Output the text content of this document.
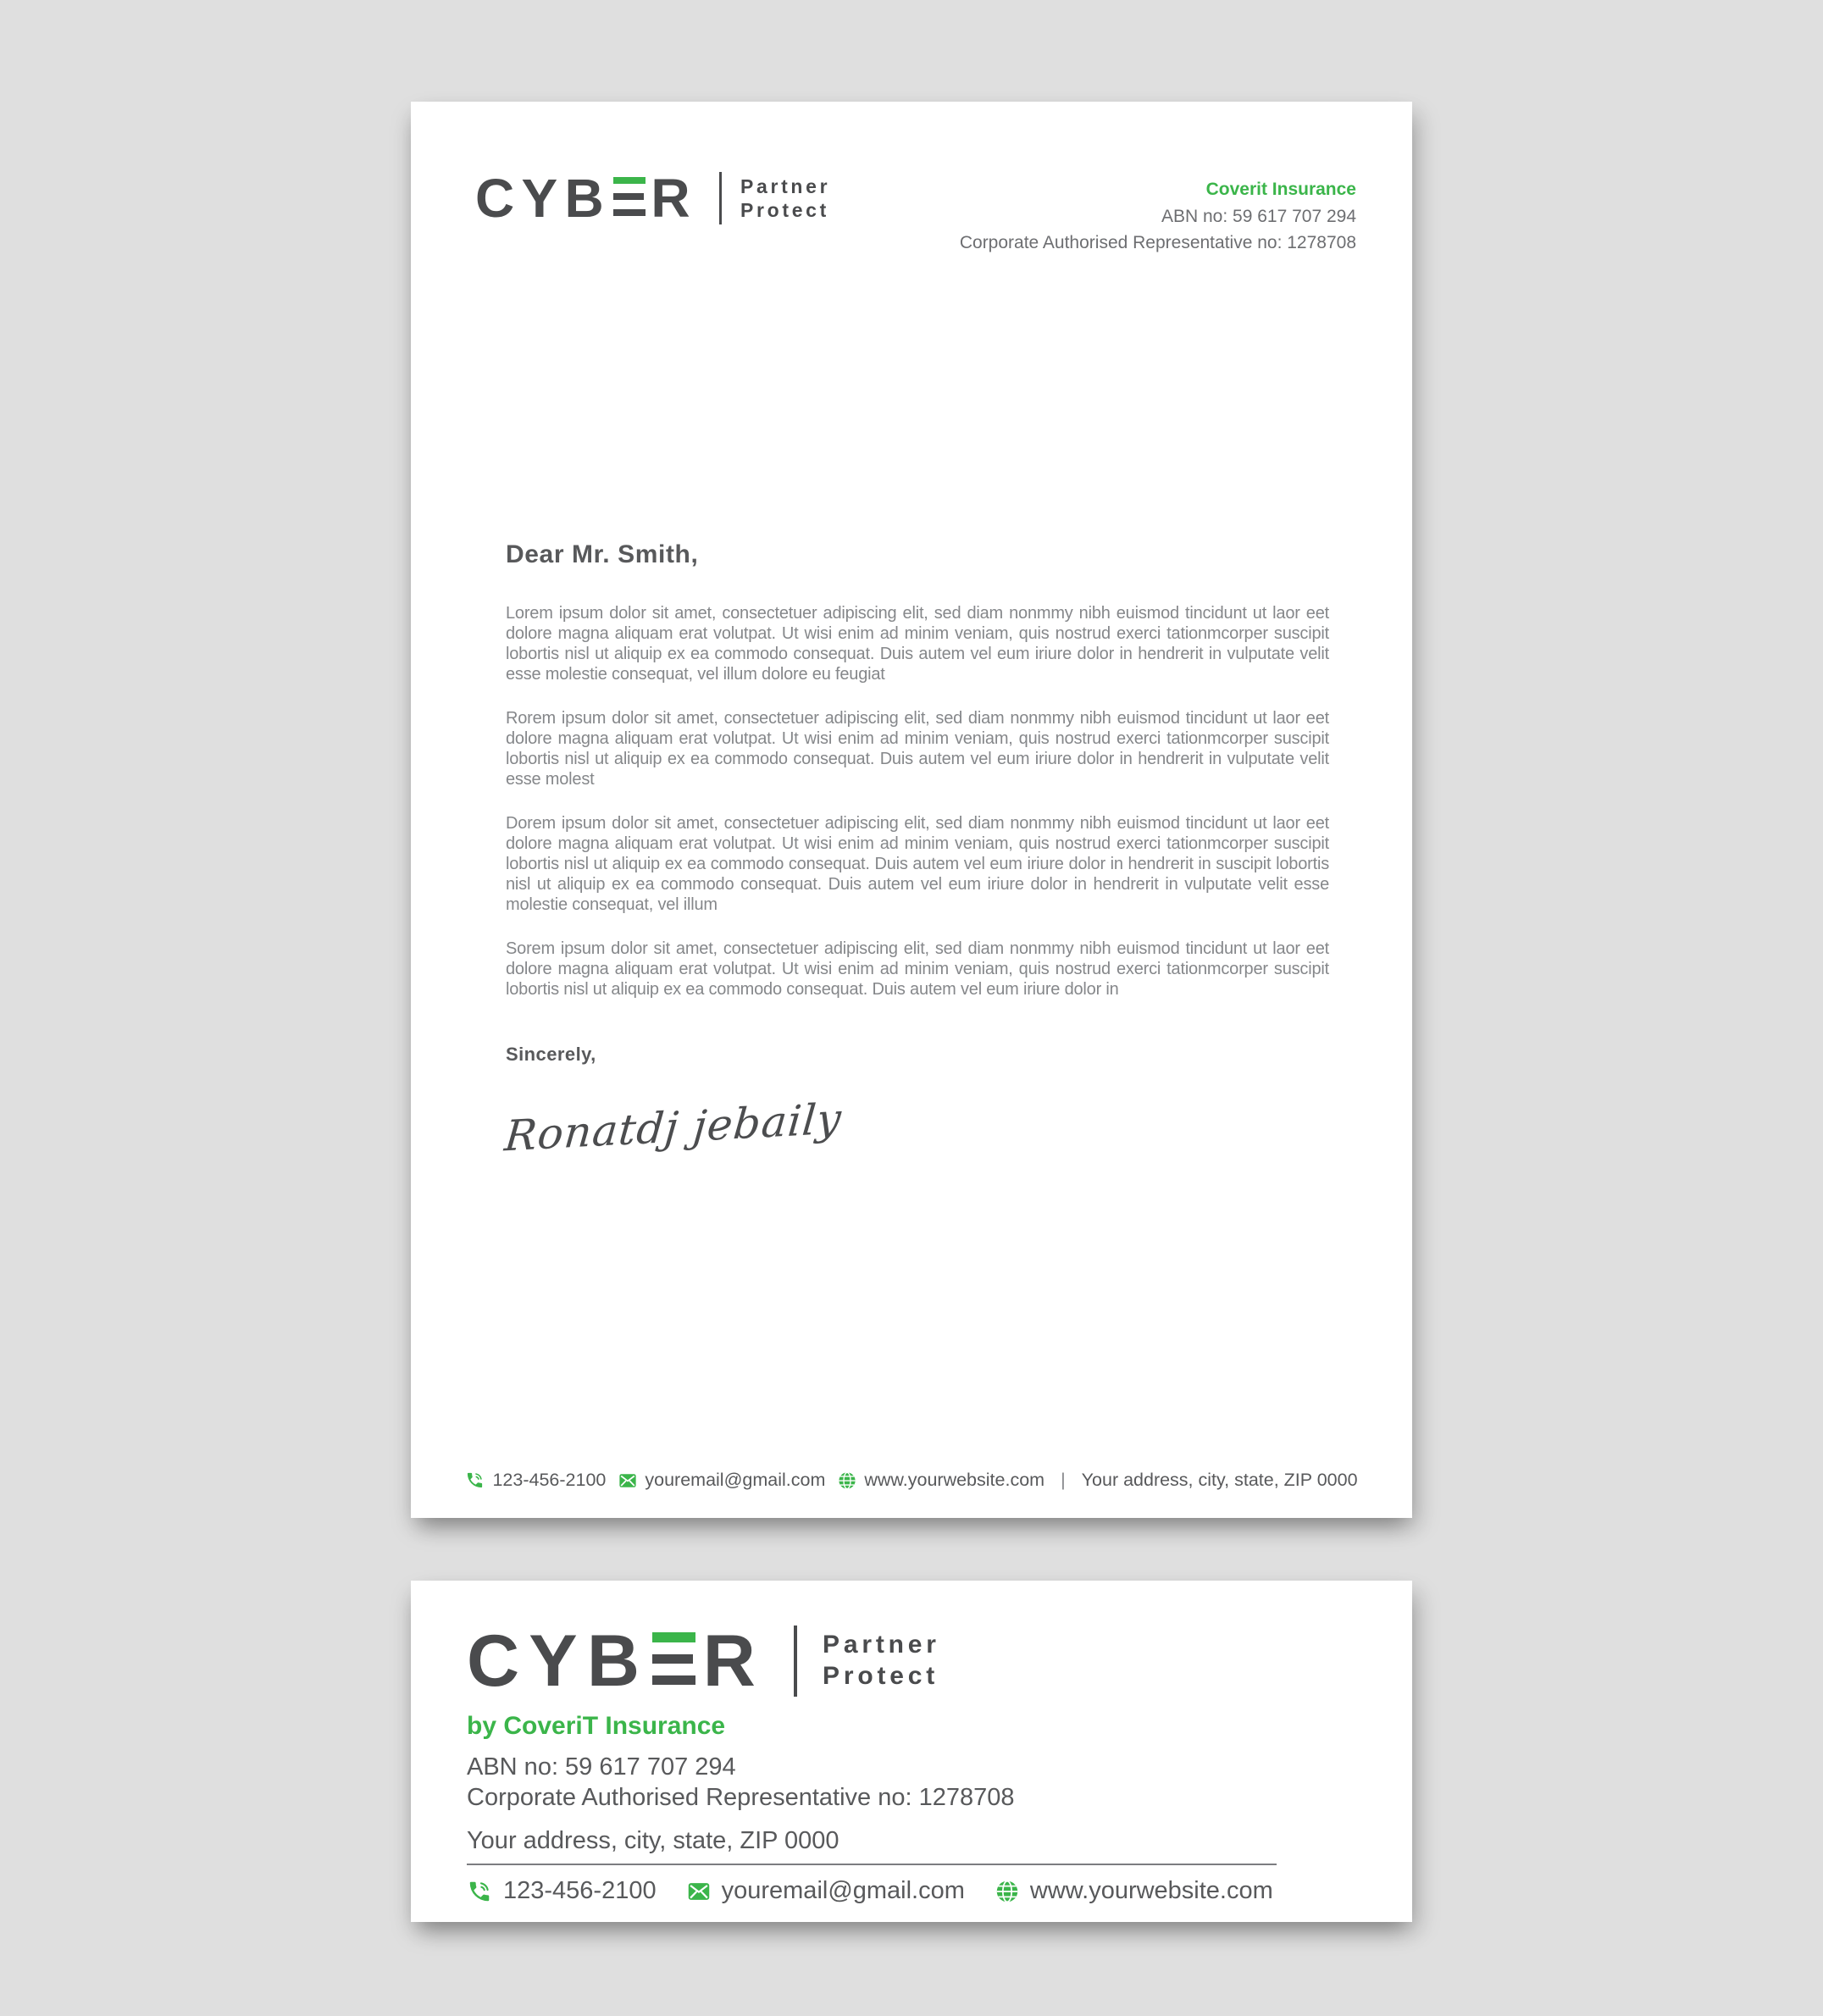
CYB R Partner
Protect
Coverit Insurance
ABN no: 59 617 707 294
Corporate Authorised Representative no: 1278708

Dear Mr. Smith,

Lorem ipsum dolor sit amet, consectetuer adipiscing elit, sed diam nonmmy nibh euismod tincidunt ut laor eet dolore magna aliquam erat volutpat. Ut wisi enim ad minim veniam, quis nostrud exerci tationmcorper suscipit lobortis nisl ut aliquip ex ea commodo consequat. Duis autem vel eum iriure dolor in hendrerit in vulputate velit esse molestie consequat, vel illum dolore eu feugiat

Rorem ipsum dolor sit amet, consectetuer adipiscing elit, sed diam nonmmy nibh euismod tincidunt ut laor eet dolore magna aliquam erat volutpat. Ut wisi enim ad minim veniam, quis nostrud exerci tationmcorper suscipit lobortis nisl ut aliquip ex ea commodo consequat. Duis autem vel eum iriure dolor in hendrerit in vulputate velit esse molest

Dorem ipsum dolor sit amet, consectetuer adipiscing elit, sed diam nonmmy nibh euismod tincidunt ut laor eet dolore magna aliquam erat volutpat. Ut wisi enim ad minim veniam, quis nostrud exerci tationmcorper suscipit lobortis nisl ut aliquip ex ea commodo consequat. Duis autem vel eum iriure dolor in hendrerit in suscipit lobortis nisl ut aliquip ex ea commodo consequat. Duis autem vel eum iriure dolor in hendrerit in vulputate velit esse molestie consequat, vel illum

Sorem ipsum dolor sit amet, consectetuer adipiscing elit, sed diam nonmmy nibh euismod tincidunt ut laor eet dolore magna aliquam erat volutpat. Ut wisi enim ad minim veniam, quis nostrud exerci tationmcorper suscipit lobortis nisl ut aliquip ex ea commodo consequat. Duis autem vel eum iriure dolor in

Sincerely,

Ronatdj jebaily
123-456-2100 youremail@gmail.com www.yourwebsite.com | Your address, city, state, ZIP 0000
CYB R Partner
Protect
by CoveriT Insurance
ABN no: 59 617 707 294
Corporate Authorised Representative no: 1278708
Your address, city, state, ZIP 0000
123-456-2100	youremail@gmail.com	www.yourwebsite.com
